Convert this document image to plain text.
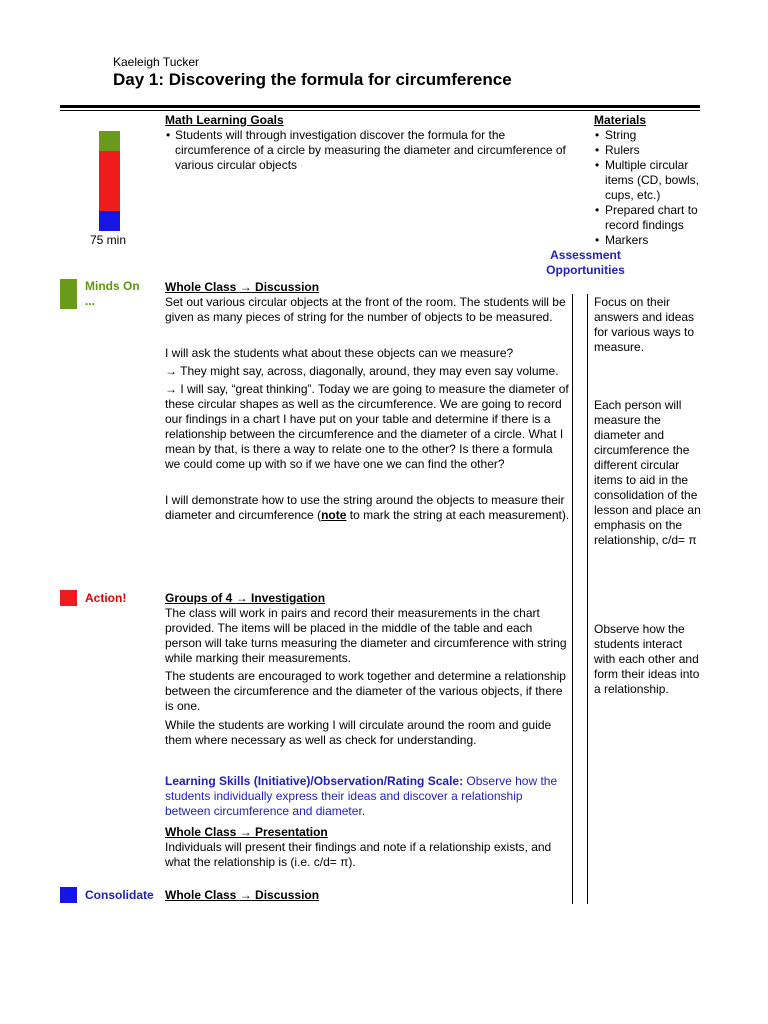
Kaeleigh Tucker
Day 1: Discovering the formula for circumference
75 min
Math Learning Goals
• Students will through investigation discover the formula for the circumference of a circle by measuring the diameter and circumference of various circular objects
Materials
• String
• Rulers
• Multiple circular items (CD, bowls, cups, etc.)
• Prepared chart to record findings
• Markers
Assessment Opportunities
Minds On ...
Action!
Consolidate
Whole Class → Discussion

Set out various circular objects at the front of the room. The students will be given as many pieces of string for the number of objects to be measured.

I will ask the students what about these objects can we measure?

→ They might say, across, diagonally, around, they may even say volume.

→ I will say, “great thinking”. Today we are going to measure the diameter of these circular shapes as well as the circumference. We are going to record our findings in a chart I have put on your table and determine if there is a relationship between the circumference and the diameter of a circle. What I mean by that, is there a way to relate one to the other? Is there a formula we could come up with so if we have one we can find the other?

I will demonstrate how to use the string around the objects to measure their diameter and circumference (note to mark the string at each measurement).

Groups of 4 → Investigation

The class will work in pairs and record their measurements in the chart provided. The items will be placed in the middle of the table and each person will take turns measuring the diameter and circumference with string while marking their measurements.

The students are encouraged to work together and determine a relationship between the circumference and the diameter of the various objects, if there is one.

While the students are working I will circulate around the room and guide them where necessary as well as check for understanding.

Learning Skills (Initiative)/Observation/Rating Scale: Observe how the students individually express their ideas and discover a relationship between circumference and diameter.

Whole Class → Presentation

Individuals will present their findings and note if a relationship exists, and what the relationship is (i.e. c/d= π).

Whole Class → Discussion
Focus on their answers and ideas for various ways to measure.
Each person will measure the diameter and circumference the different circular items to aid in the consolidation of the lesson and place an emphasis on the relationship, c/d= π
Observe how the students interact with each other and form their ideas into a relationship.
